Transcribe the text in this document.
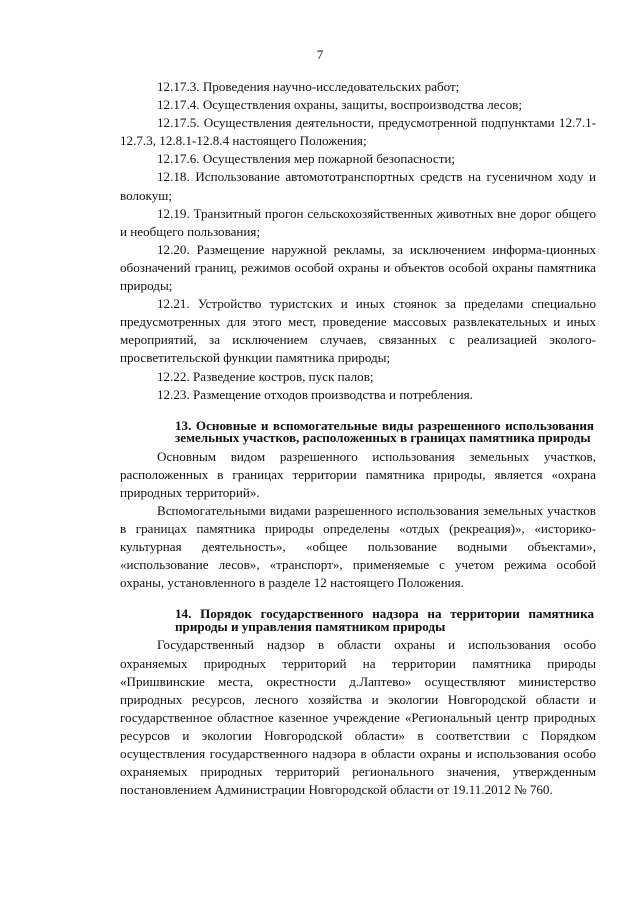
7

12.17.3. Проведения научно-исследовательских работ;

12.17.4. Осуществления охраны, защиты, воспроизводства лесов;

12.17.5. Осуществления деятельности, предусмотренной подпунктами 12.7.1-12.7.3, 12.8.1-12.8.4 настоящего Положения;

12.17.6. Осуществления мер пожарной безопасности;

12.18. Использование автомототранспортных средств на гусеничном ходу и волокуш;

12.19. Транзитный прогон сельскохозяйственных животных вне дорог общего и необщего пользования;

12.20. Размещение наружной рекламы, за исключением информа-ционных обозначений границ, режимов особой охраны и объектов особой охраны памятника природы;

12.21. Устройство туристских и иных стоянок за пределами специально предусмотренных для этого мест, проведение массовых развлекательных и иных мероприятий, за исключением случаев, связанных с реализацией эколого-просветительской функции памятника природы;

12.22. Разведение костров, пуск палов;

12.23. Размещение отходов производства и потребления.

13. Основные и вспомогательные виды разрешенного использования земельных участков, расположенных в границах памятника природы

Основным видом разрешенного использования земельных участков, расположенных в границах территории памятника природы, является «охрана природных территорий».

Вспомогательными видами разрешенного использования земельных участков в границах памятника природы определены «отдых (рекреация)», «историко-культурная деятельность», «общее пользование водными объектами», «использование лесов», «транспорт», применяемые с учетом режима особой охраны, установленного в разделе 12 настоящего Положения.

14. Порядок государственного надзора на территории памятника природы и управления памятником природы

Государственный надзор в области охраны и использования особо охраняемых природных территорий на территории памятника природы «Пришвинские места, окрестности д.Лаптево» осуществляют министерство природных ресурсов, лесного хозяйства и экологии Новгородской области и государственное областное казенное учреждение «Региональный центр природных ресурсов и экологии Новгородской области» в соответствии с Порядком осуществления государственного надзора в области охраны и использования особо охраняемых природных территорий регионального значения, утвержденным постановлением Администрации Новгородской области от 19.11.2012 № 760.
